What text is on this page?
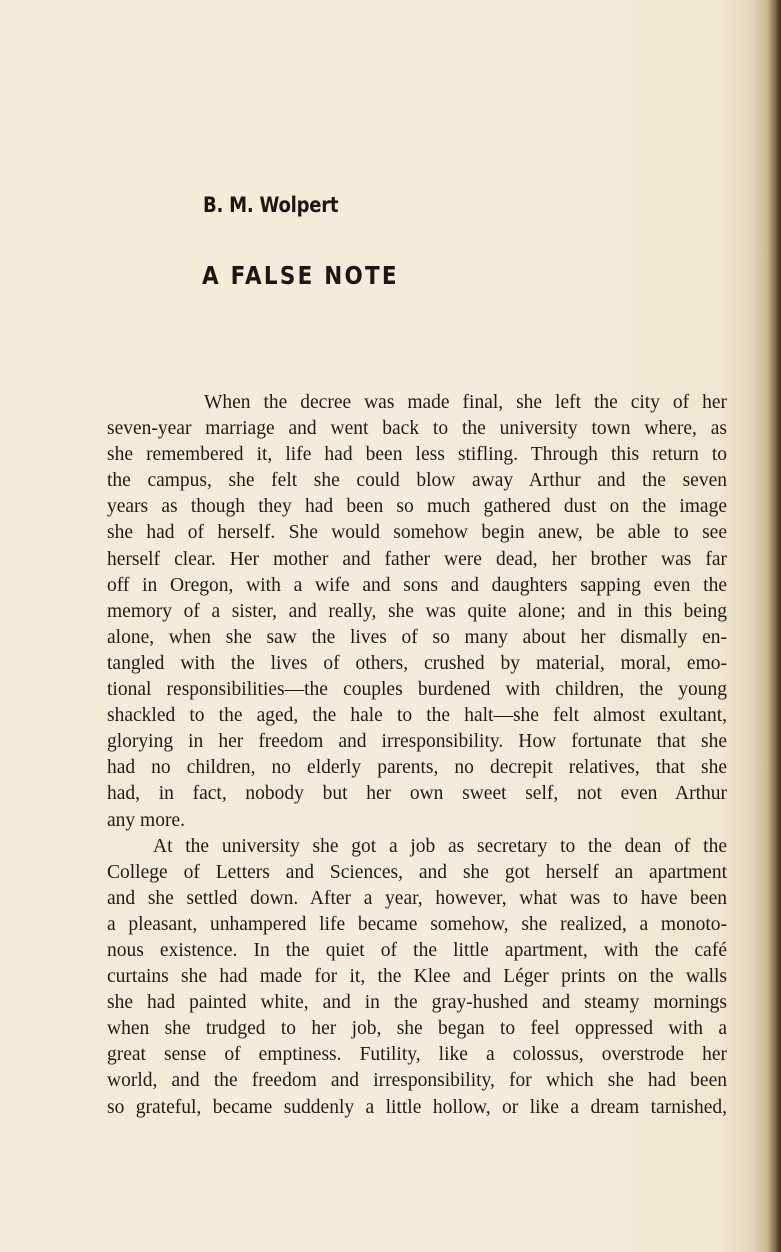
B. M. Wolpert
A FALSE NOTE
When the decree was made final, she left the city of her
seven-year marriage and went back to the university town where, as
she remembered it, life had been less stifling. Through this return to
the campus, she felt she could blow away Arthur and the seven
years as though they had been so much gathered dust on the image
she had of herself. She would somehow begin anew, be able to see
herself clear. Her mother and father were dead, her brother was far
off in Oregon, with a wife and sons and daughters sapping even the
memory of a sister, and really, she was quite alone; and in this being
alone, when she saw the lives of so many about her dismally en-
tangled with the lives of others, crushed by material, moral, emo-
tional responsibilities—the couples burdened with children, the young
shackled to the aged, the hale to the halt—she felt almost exultant,
glorying in her freedom and irresponsibility. How fortunate that she
had no children, no elderly parents, no decrepit relatives, that she
had, in fact, nobody but her own sweet self, not even Arthur
any more.
At the university she got a job as secretary to the dean of the
College of Letters and Sciences, and she got herself an apartment
and she settled down. After a year, however, what was to have been
a pleasant, unhampered life became somehow, she realized, a monoto-
nous existence. In the quiet of the little apartment, with the café
curtains she had made for it, the Klee and Léger prints on the walls
she had painted white, and in the gray-hushed and steamy mornings
when she trudged to her job, she began to feel oppressed with a
great sense of emptiness. Futility, like a colossus, overstrode her
world, and the freedom and irresponsibility, for which she had been
so grateful, became suddenly a little hollow, or like a dream tarnished,
